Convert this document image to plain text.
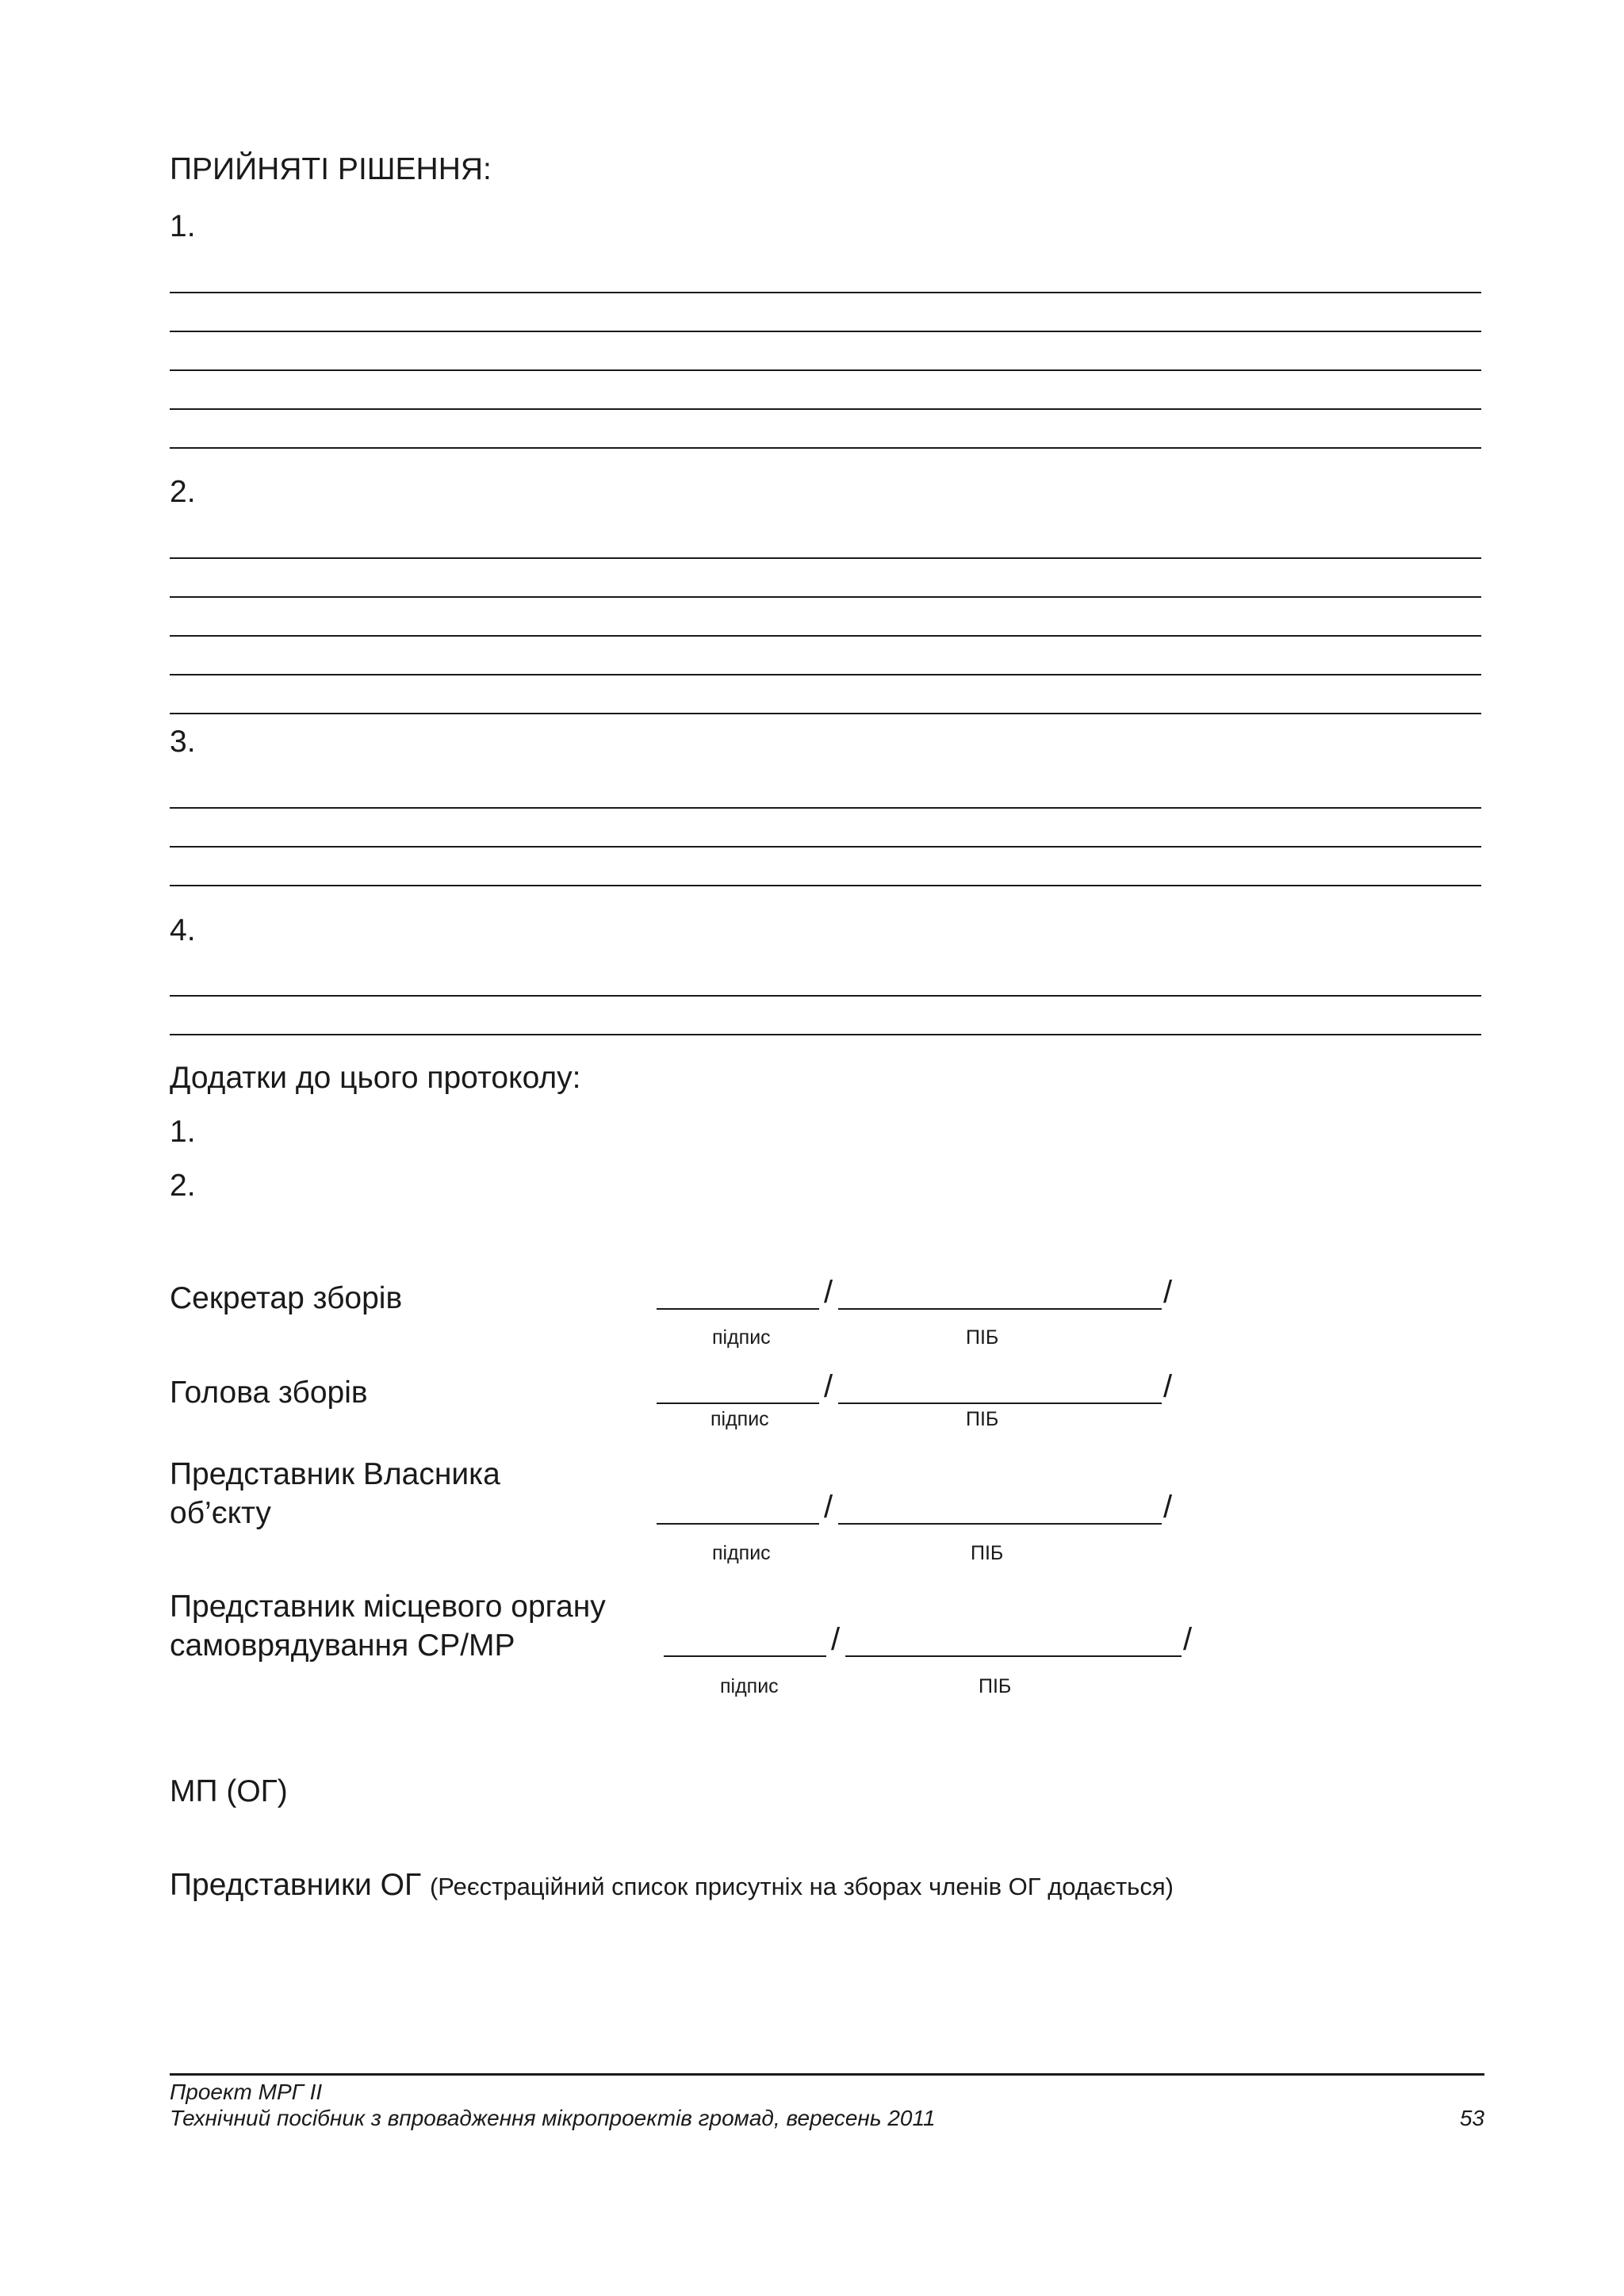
ПРИЙНЯТІ РІШЕННЯ:
1.
2.
3.
4.
Додатки до цього протоколу:
1.
2.
Секретар зборів	/	/
підпис	ПІБ
Голова зборів	/	/
підпис	ПІБ
Представник Власника
об’єкту	/	/
підпис	ПІБ
Представник місцевого органу
самоврядування СР/МР	/	/
підпис	ПІБ
МП (ОГ)
Представники ОГ (Реєстраційний список присутніх на зборах членів ОГ додається)
Проект МРГ II
Технічний посібник з впровадження мікропроектів громад, вересень 2011	53
